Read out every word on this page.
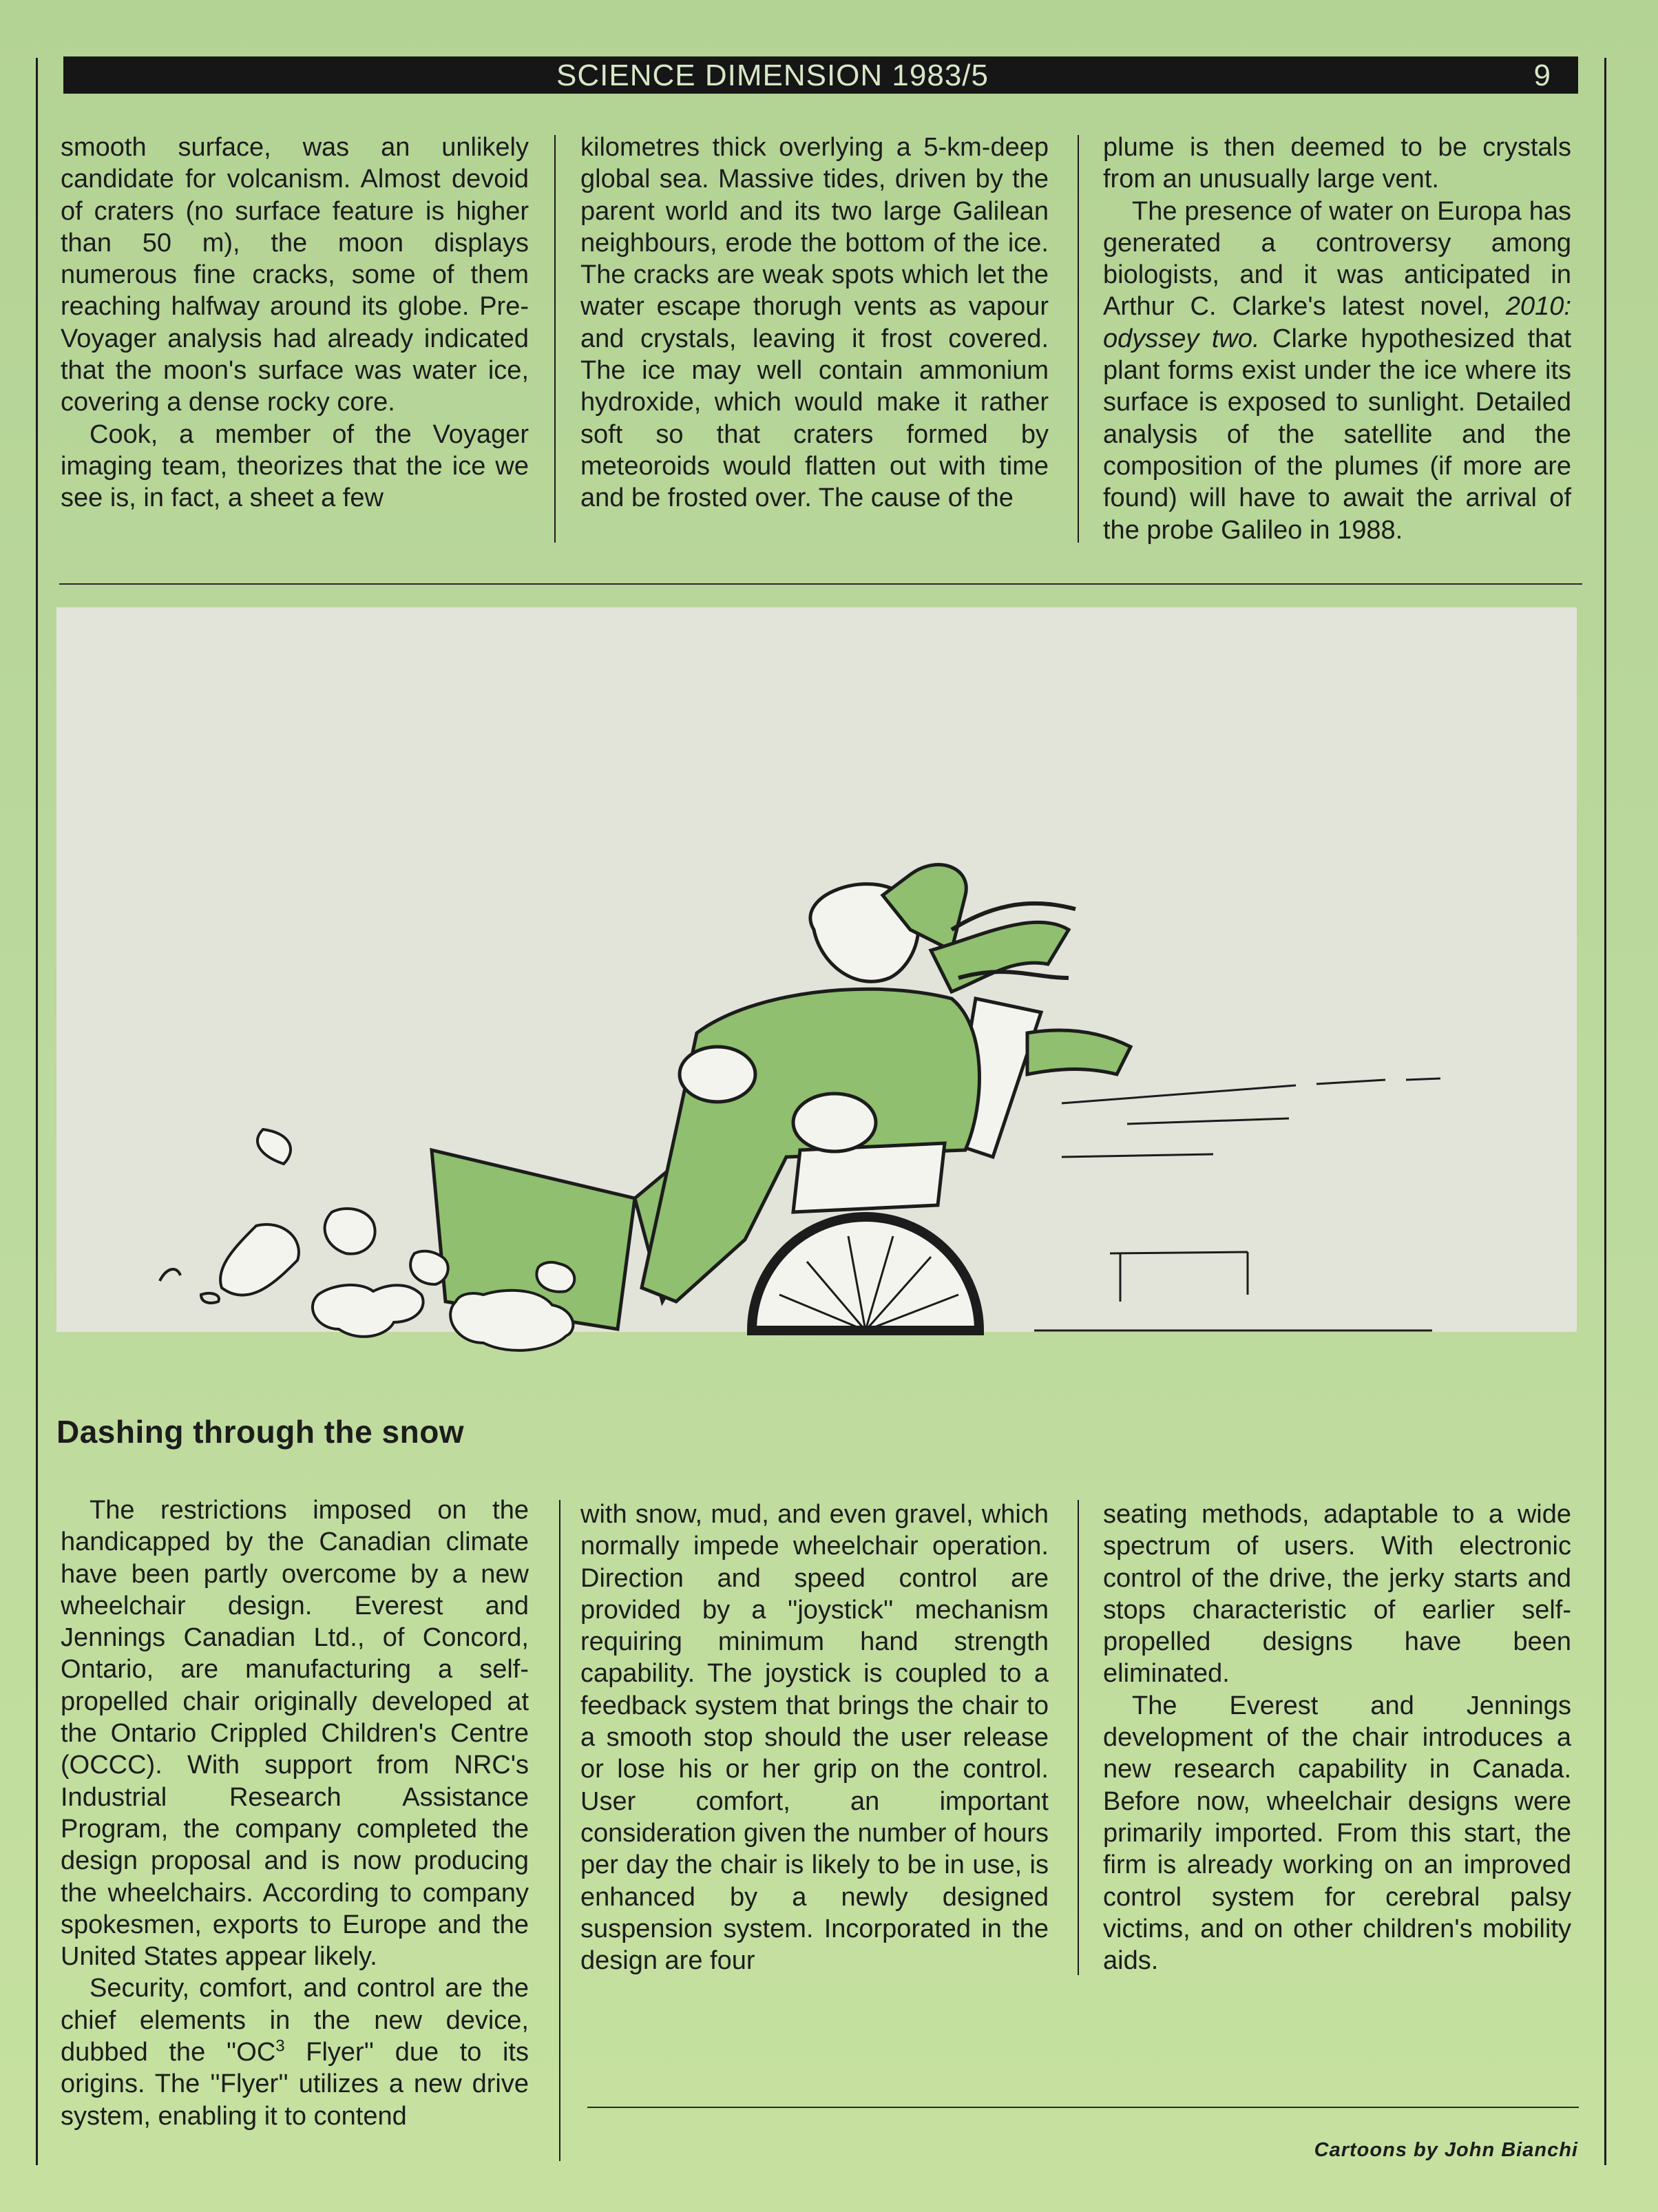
SCIENCE DIMENSION 1983/5	9

smooth surface, was an unlikely candidate for volcanism. Almost devoid of craters (no surface feature is higher than 50 m), the moon displays numerous fine cracks, some of them reaching halfway around its globe. Pre-Voyager analysis had already indicated that the moon's surface was water ice, covering a dense rocky core.

Cook, a member of the Voyager imaging team, theorizes that the ice we see is, in fact, a sheet a few

kilometres thick overlying a 5-km-deep global sea. Massive tides, driven by the parent world and its two large Galilean neighbours, erode the bottom of the ice. The cracks are weak spots which let the water escape thorugh vents as vapour and crystals, leaving it frost covered. The ice may well contain ammonium hydroxide, which would make it rather soft so that craters formed by meteoroids would flatten out with time and be frosted over. The cause of the

plume is then deemed to be crystals from an unusually large vent.

The presence of water on Europa has generated a controversy among biologists, and it was anticipated in Arthur C. Clarke's latest novel, 2010: odyssey two. Clarke hypothesized that plant forms exist under the ice where its surface is exposed to sunlight. Detailed analysis of the satellite and the composition of the plumes (if more are found) will have to await the arrival of the probe Galileo in 1988.

Dashing through the snow

The restrictions imposed on the handicapped by the Canadian climate have been partly overcome by a new wheelchair design. Everest and Jennings Canadian Ltd., of Concord, Ontario, are manufacturing a self-propelled chair originally developed at the Ontario Crippled Children's Centre (OCCC). With support from NRC's Industrial Research Assistance Program, the company completed the design proposal and is now producing the wheelchairs. According to company spokesmen, exports to Europe and the United States appear likely.

Security, comfort, and control are the chief elements in the new device, dubbed the ''$OC^3$ Flyer'' due to its origins. The ''Flyer'' utilizes a new drive system, enabling it to contend

with snow, mud, and even gravel, which normally impede wheelchair operation. Direction and speed control are provided by a ''joystick'' mechanism requiring minimum hand strength capability. The joystick is coupled to a feedback system that brings the chair to a smooth stop should the user release or lose his or her grip on the control. User comfort, an important consideration given the number of hours per day the chair is likely to be in use, is enhanced by a newly designed suspension system. Incorporated in the design are four

seating methods, adaptable to a wide spectrum of users. With electronic control of the drive, the jerky starts and stops characteristic of earlier self-propelled designs have been eliminated.

The Everest and Jennings development of the chair introduces a new research capability in Canada. Before now, wheelchair designs were primarily imported. From this start, the firm is already working on an improved control system for cerebral palsy victims, and on other children's mobility aids.

Cartoons by John Bianchi
